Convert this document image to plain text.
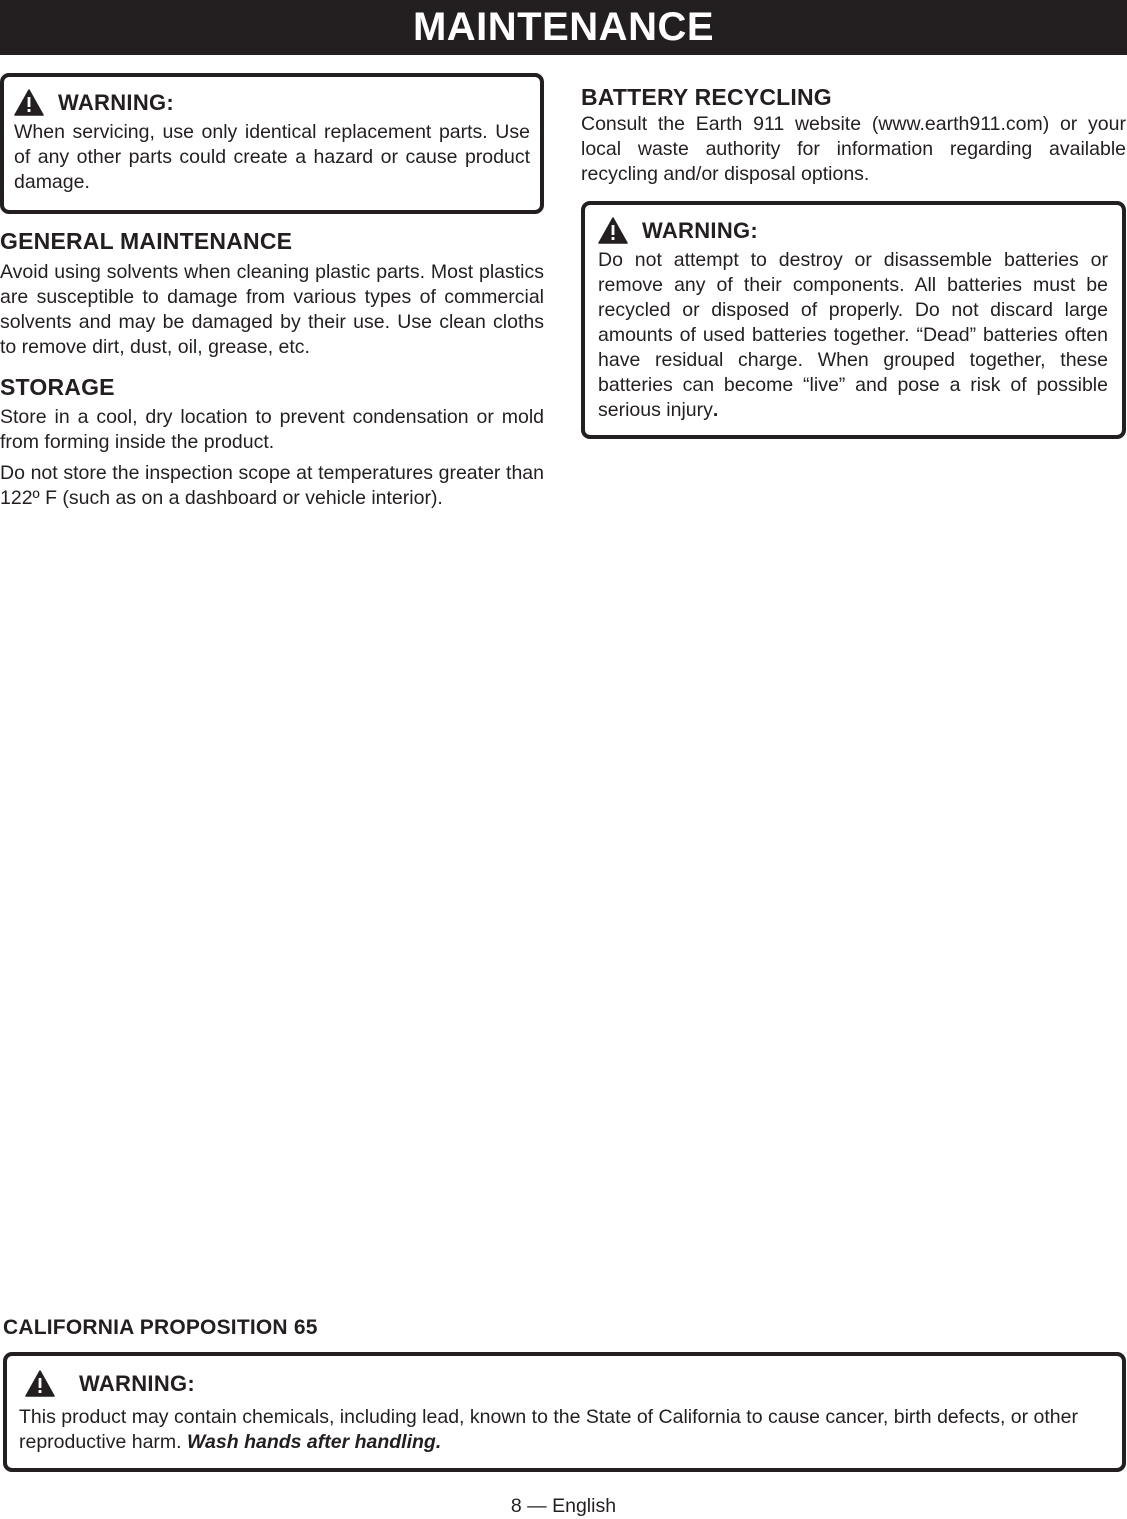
MAINTENANCE
WARNING:

When servicing, use only identical replacement parts. Use of any other parts could create a hazard or cause product damage.

GENERAL MAINTENANCE

Avoid using solvents when cleaning plastic parts. Most plastics are susceptible to damage from various types of commercial solvents and may be damaged by their use. Use clean cloths to remove dirt, dust, oil, grease, etc.

STORAGE

Store in a cool, dry location to prevent condensation or mold from forming inside the product.

Do not store the inspection scope at temperatures greater than 122º F (such as on a dashboard or vehicle interior).

BATTERY RECYCLING

Consult the Earth 911 website (www.earth911.com) or your local waste authority for information regarding available recycling and/or disposal options.

WARNING:

Do not attempt to destroy or disassemble batteries or remove any of their components. All batteries must be recycled or disposed of properly. Do not discard large amounts of used batteries together. “Dead” batteries often have residual charge. When grouped together, these batteries can become “live” and pose a risk of possible serious injury.

CALIFORNIA PROPOSITION 65
WARNING:

This product may contain chemicals, including lead, known to the State of California to cause cancer, birth defects, or other reproductive harm. Wash hands after handling.

8 — English
